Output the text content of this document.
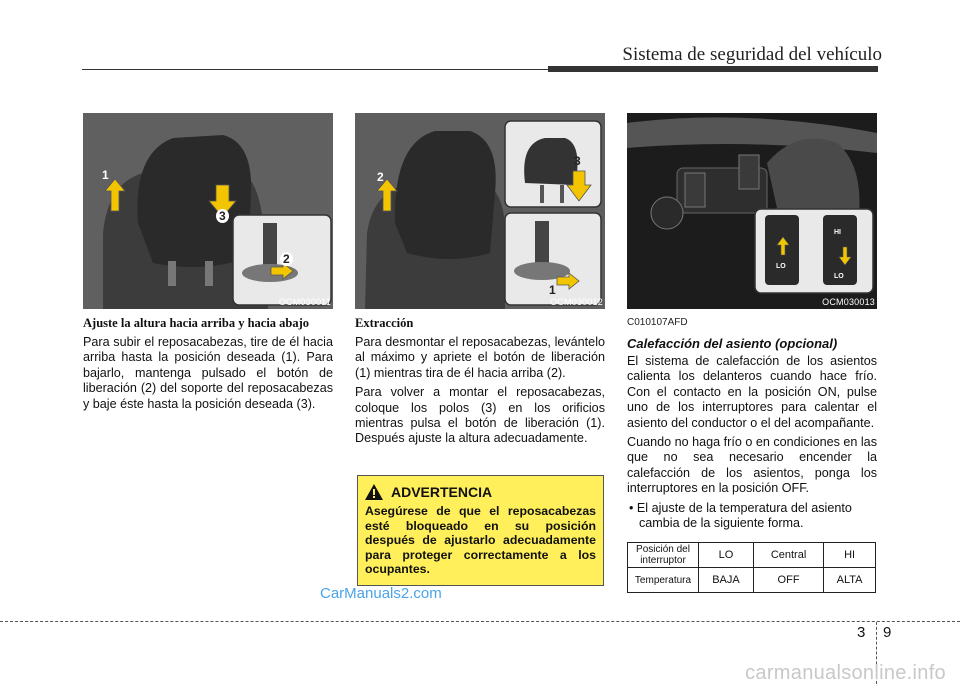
Sistema de seguridad del vehículo
1
2
3
OCM030011
1
2
3
OCM030012
LO
HI
LO
OCM030013

Ajuste la altura hacia arriba y hacia abajo

Para subir el reposacabezas, tire de él hacia arriba hasta la posición deseada (1). Para bajarlo, mantenga pulsado el botón de liberación (2) del soporte del reposacabezas y baje éste hasta la posición deseada (3).

Extracción

Para desmontar el reposacabezas, levántelo al máximo y apriete el botón de liberación (1) mientras tira de él hacia arriba (2).

Para volver a montar el reposacabezas, coloque los polos (3) en los orificios mientras pulsa el botón de liberación (1). Después ajuste la altura adecuadamente.

ADVERTENCIA

Asegúrese de que el reposacabezas esté bloqueado en su posición después de ajustarlo adecuadamente para proteger correctamente a los ocupantes.

C010107AFD

Calefacción del asiento (opcional)

El sistema de calefacción de los asientos calienta los delanteros cuando hace frío. Con el contacto en la posición ON, pulse uno de los interruptores para calentar el asiento del conductor o el del acompañante.

Cuando no haga frío o en condiciones en las que no sea necesario encender la calefacción de los asientos, ponga los interruptores en la posición OFF.

• El ajuste de la temperatura del asiento cambia de la siguiente forma.

Posición del interruptor	LO	Central	HI
Temperatura	BAJA	OFF	ALTA
CarManuals2.com
3 9
carmanualsonline.info
